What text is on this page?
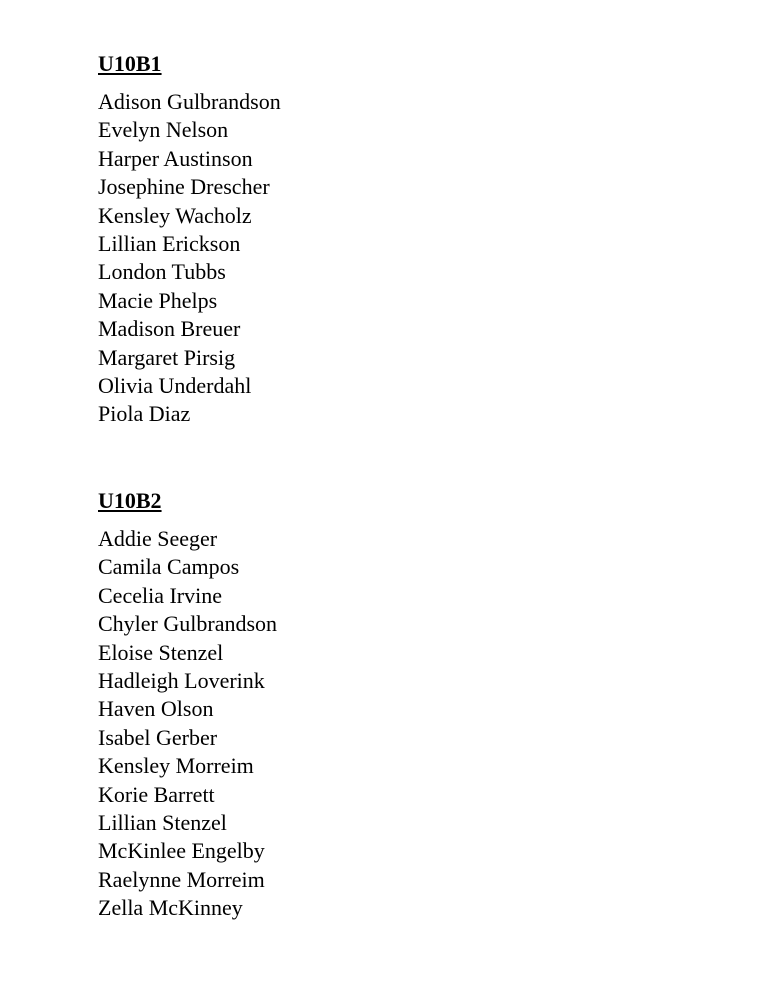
U10B1
Adison Gulbrandson
Evelyn Nelson
Harper Austinson
Josephine Drescher
Kensley Wacholz
Lillian Erickson
London Tubbs
Macie Phelps
Madison Breuer
Margaret Pirsig
Olivia Underdahl
Piola Diaz
U10B2
Addie Seeger
Camila Campos
Cecelia Irvine
Chyler Gulbrandson
Eloise Stenzel
Hadleigh Loverink
Haven Olson
Isabel Gerber
Kensley Morreim
Korie Barrett
Lillian Stenzel
McKinlee Engelby
Raelynne Morreim
Zella McKinney
